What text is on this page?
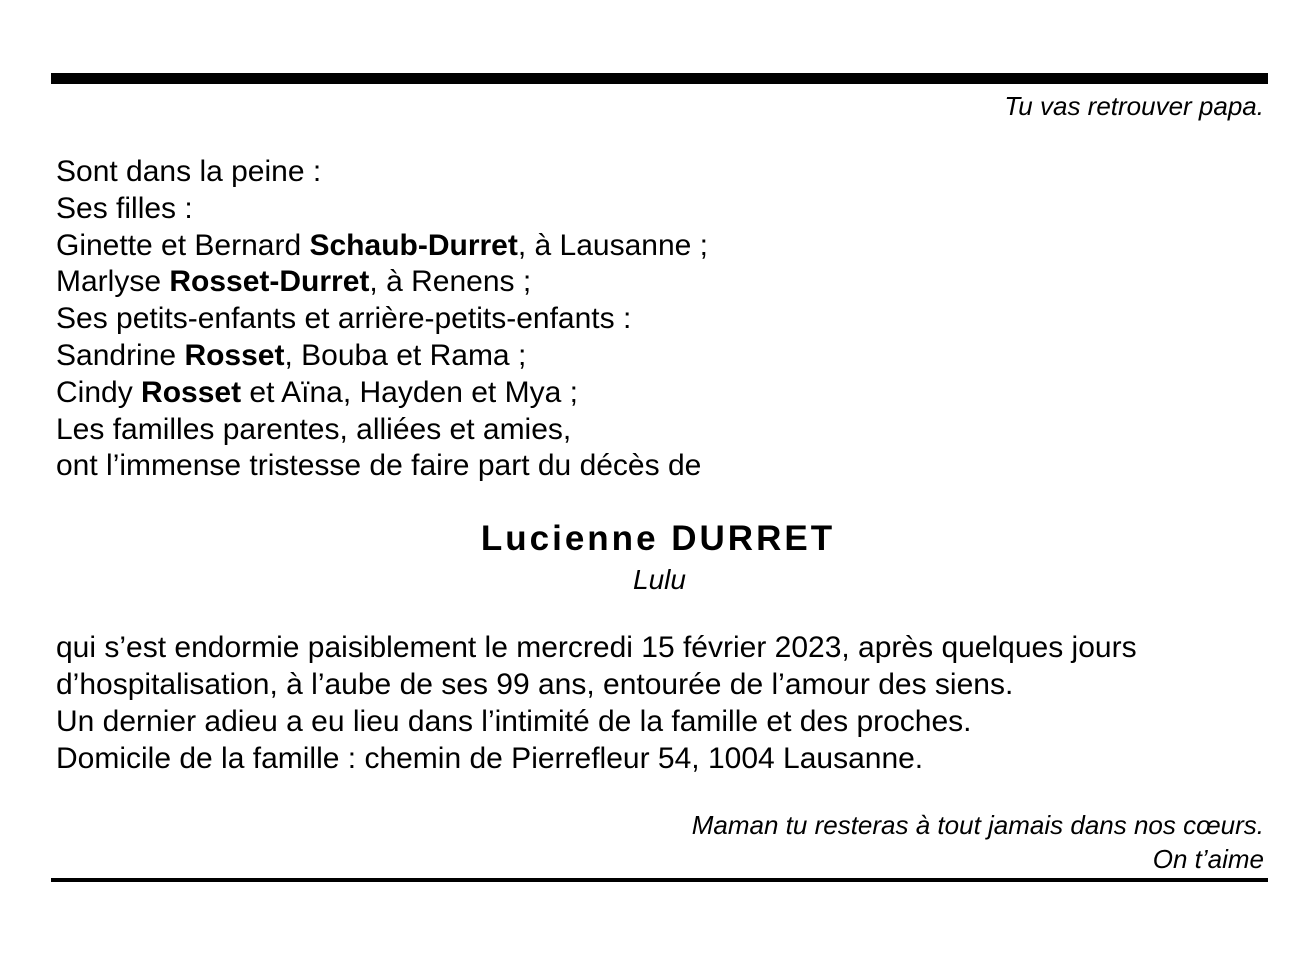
Tu vas retrouver papa.
Sont dans la peine :
Ses filles :
Ginette et Bernard Schaub-Durret, à Lausanne ;
Marlyse Rosset-Durret, à Renens ;
Ses petits-enfants et arrière-petits-enfants :
Sandrine Rosset, Bouba et Rama ;
Cindy Rosset et Aïna, Hayden et Mya ;
Les familles parentes, alliées et amies,
ont l’immense tristesse de faire part du décès de
Lucienne DURRET
Lulu
qui s’est endormie paisiblement le mercredi 15 février 2023, après quelques jours
d’hospitalisation, à l’aube de ses 99 ans, entourée de l’amour des siens.
Un dernier adieu a eu lieu dans l’intimité de la famille et des proches.
Domicile de la famille : chemin de Pierrefleur 54, 1004 Lausanne.
Maman tu resteras à tout jamais dans nos cœurs.
On t’aime
